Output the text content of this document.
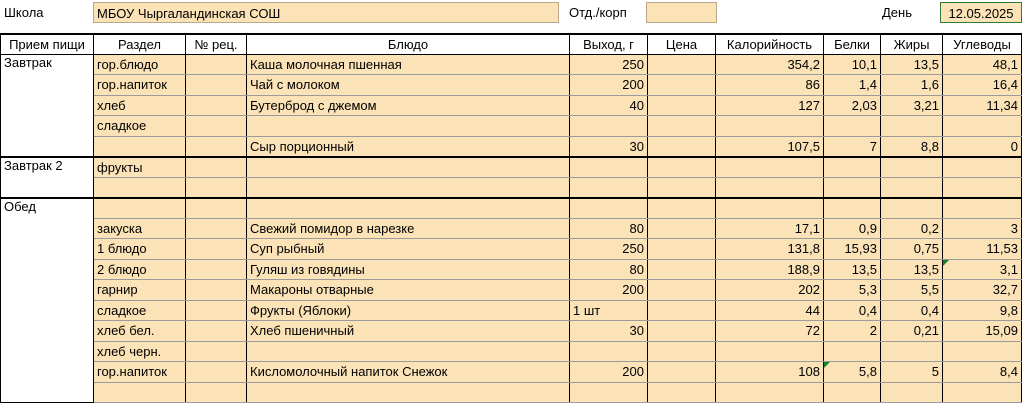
Школа	МБОУ Чыргаландинская СОШ	Отд./корп	День	12.05.2025
Прием пищи	Раздел	№ рец.	Блюдо	Выход, г	Цена	Калорийность	Белки	Жиры	Углеводы
Завтрак	гор.блюдо		Каша молочная пшенная	250		354,2	10,1	13,5	48,1
	гор.напиток		Чай с молоком	200		86	1,4	1,6	16,4
	хлеб		Бутерброд с джемом	40		127	2,03	3,21	11,34
	сладкое								
			Сыр порционный	30		107,5	7	8,8	0
Завтрак 2	фрукты								

Обед									
	закуска		Свежий помидор в нарезке	80		17,1	0,9	0,2	3
	1 блюдо		Суп рыбный	250		131,8	15,93	0,75	11,53
	2 блюдо		Гуляш из говядины	80		188,9	13,5	13,5	3,1
	гарнир		Макароны отварные	200		202	5,3	5,5	32,7
	сладкое		Фрукты (Яблоки)	1 шт		44	0,4	0,4	9,8
	хлеб бел.		Хлеб пшеничный	30		72	2	0,21	15,09
	хлеб черн.								
	гор.напиток		Кисломолочный напиток Снежок	200		108	5,8	5	8,4
